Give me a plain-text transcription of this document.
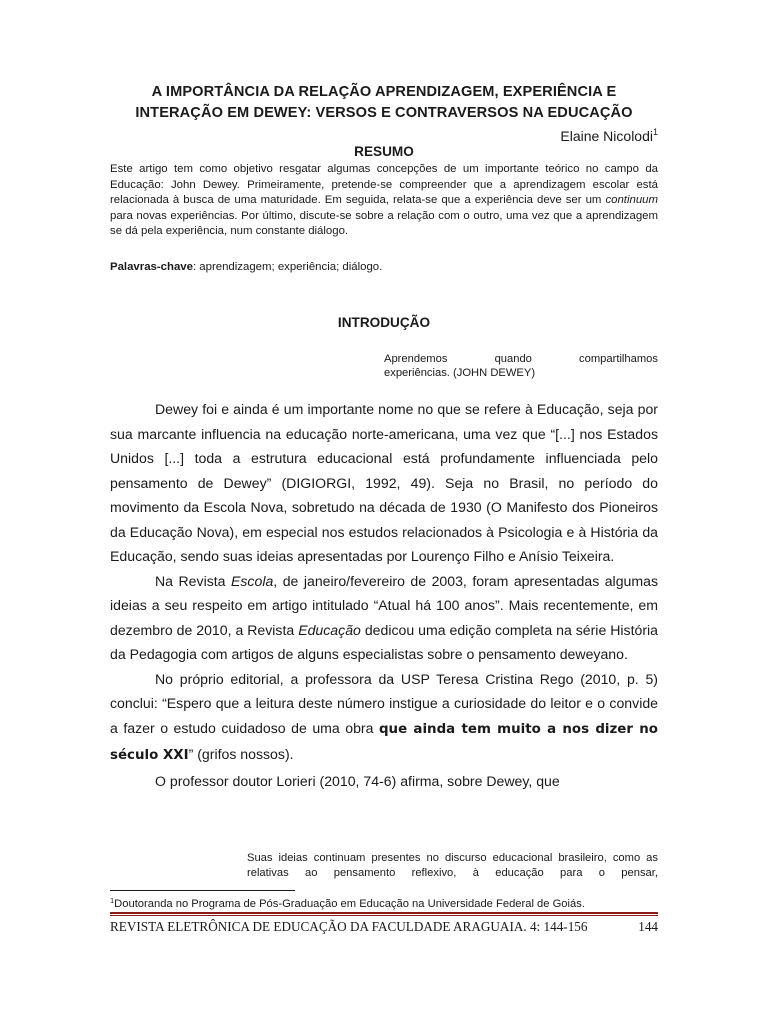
A IMPORTÂNCIA DA RELAÇÃO APRENDIZAGEM, EXPERIÊNCIA E
INTERAÇÃO EM DEWEY: VERSOS E CONTRAVERSOS NA EDUCAÇÃO
Elaine Nicolodi$^1$
RESUMO

Este artigo tem como objetivo resgatar algumas concepções de um importante teórico no campo da Educação: John Dewey. Primeiramente, pretende-se compreender que a aprendizagem escolar está relacionada à busca de uma maturidade. Em seguida, relata-se que a experiência deve ser um continuum para novas experiências. Por último, discute-se sobre a relação com o outro, uma vez que a aprendizagem se dá pela experiência, num constante diálogo.

Palavras-chave: aprendizagem; experiência; diálogo.

INTRODUÇÃO

Aprendemos quando compartilhamos

experiências. (JOHN DEWEY)

Dewey foi e ainda é um importante nome no que se refere à Educação, seja por sua marcante influencia na educação norte-americana, uma vez que “[...] nos Estados Unidos [...] toda a estrutura educacional está profundamente influenciada pelo pensamento de Dewey” (DIGIORGI, 1992, 49). Seja no Brasil, no período do movimento da Escola Nova, sobretudo na década de 1930 (O Manifesto dos Pioneiros da Educação Nova), em especial nos estudos relacionados à Psicologia e à História da Educação, sendo suas ideias apresentadas por Lourenço Filho e Anísio Teixeira.

Na Revista Escola, de janeiro/fevereiro de 2003, foram apresentadas algumas ideias a seu respeito em artigo intitulado “Atual há 100 anos”. Mais recentemente, em dezembro de 2010, a Revista Educação dedicou uma edição completa na série História da Pedagogia com artigos de alguns especialistas sobre o pensamento deweyano.

No próprio editorial, a professora da USP Teresa Cristina Rego (2010, p. 5) conclui: “Espero que a leitura deste número instigue a curiosidade do leitor e o convide a fazer o estudo cuidadoso de uma obra que ainda tem muito a nos dizer no século XXI” (grifos nossos).

O professor doutor Lorieri (2010, 74-6) afirma, sobre Dewey, que

Suas ideias continuam presentes no discurso educacional brasileiro, como as relativas ao pensamento reflexivo, à educação para o pensar,

$^1$Doutoranda no Programa de Pós-Graduação em Educação na Universidade Federal de Goiás.

REVISTA ELETRÔNICA DE EDUCAÇÃO DA FACULDADE ARAGUAIA. 4: 144-156	144
